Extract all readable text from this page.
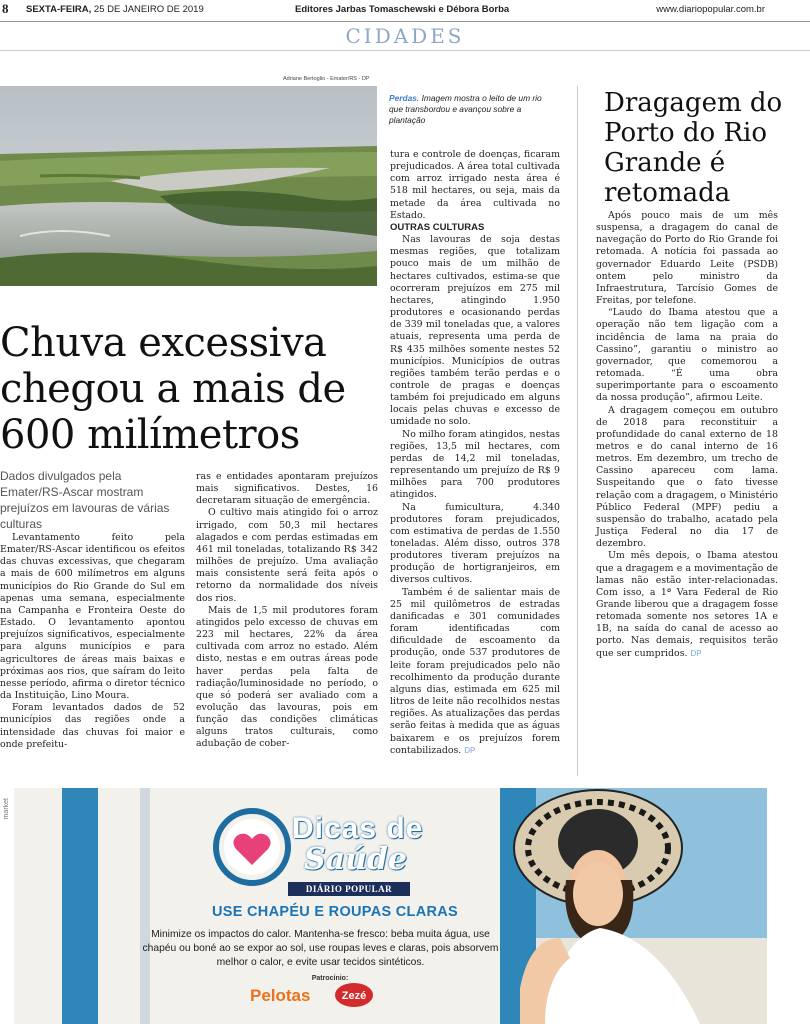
8 SEXTA-FEIRA, 25 DE JANEIRO DE 2019	Editores Jarbas Tomaschewski e Débora Borba	www.diariopopular.com.br
CIDADES
Adriane Bertoglio - Emater/RS - DP
Perdas. Imagem mostra o leito de um rio que transbordou e avançou sobre a plantação
Chuva excessiva chegou a mais de 600 milímetros
Dados divulgados pela Emater/RS-Ascar mostram prejuízos em lavouras de várias culturas

Levantamento feito pela Emater/RS-Ascar identificou os efeitos das chuvas excessivas, que chegaram a mais de 600 milímetros em alguns municípios do Rio Grande do Sul em apenas uma semana, especialmente na Campanha e Fronteira Oeste do Estado. O levantamento apontou prejuízos significativos, especialmente para alguns municípios e para agricultores de áreas mais baixas e próximas aos rios, que saíram do leito nesse período, afirma o diretor técnico da Instituição, Lino Moura.

Foram levantados dados de 52 municípios das regiões onde a intensidade das chuvas foi maior e onde prefeitu-

ras e entidades apontaram prejuízos mais significativos. Destes, 16 decretaram situação de emergência.

O cultivo mais atingido foi o arroz irrigado, com 50,3 mil hectares alagados e com perdas estimadas em 461 mil toneladas, totalizando R$ 342 milhões de prejuízo. Uma avaliação mais consistente será feita após o retorno da normalidade dos níveis dos rios.

Mais de 1,5 mil produtores foram atingidos pelo excesso de chuvas em 223 mil hectares, 22% da área cultivada com arroz no estado. Além disto, nestas e em outras áreas pode haver perdas pela falta de radiação/luminosidade no período, o que só poderá ser avaliado com a evolução das lavouras, pois em função das condições climáticas alguns tratos culturais, como adubação de cober-

tura e controle de doenças, ficaram prejudicados. A área total cultivada com arroz irrigado nesta área é 518 mil hectares, ou seja, mais da metade da área cultivada no Estado.

OUTRAS CULTURAS

Nas lavouras de soja destas mesmas regiões, que totalizam pouco mais de um milhão de hectares cultivados, estima-se que ocorreram prejuízos em 275 mil hectares, atingindo 1.950 produtores e ocasionando perdas de 339 mil toneladas que, a valores atuais, representa uma perda de R$ 435 milhões somente nestes 52 municípios. Municípios de outras regiões também terão perdas e o controle de pragas e doenças também foi prejudicado em alguns locais pelas chuvas e excesso de umidade no solo.

No milho foram atingidos, nestas regiões, 13,5 mil hectares, com perdas de 14,2 mil toneladas, representando um prejuízo de R$ 9 milhões para 700 produtores atingidos.

Na fumicultura, 4.340 produtores foram prejudicados, com estimativa de perdas de 1.550 toneladas. Além disso, outros 378 produtores tiveram prejuízos na produção de hortigranjeiros, em diversos cultivos.

Também é de salientar mais de 25 mil quilômetros de estradas danificadas e 301 comunidades foram identificadas com dificuldade de escoamento da produção, onde 537 produtores de leite foram prejudicados pelo não recolhimento da produção durante alguns dias, estimada em 625 mil litros de leite não recolhidos nestas regiões. As atualizações das perdas serão feitas à medida que as águas baixarem e os prejuízos forem contabilizados. DP

Dragagem do Porto do Rio Grande é retomada

Após pouco mais de um mês suspensa, a dragagem do canal de navegação do Porto do Rio Grande foi retomada. A notícia foi passada ao governador Eduardo Leite (PSDB) ontem pelo ministro da Infraestrutura, Tarcísio Gomes de Freitas, por telefone.

“Laudo do Ibama atestou que a operação não tem ligação com a incidência de lama na praia do Cassino”, garantiu o ministro ao governador, que comemorou a retomada. “É uma obra superimportante para o escoamento da nossa produção”, afirmou Leite.

A dragagem começou em outubro de 2018 para reconstituir a profundidade do canal externo de 18 metros e do canal interno de 16 metros. Em dezembro, um trecho de Cassino apareceu com lama. Suspeitando que o fato tivesse relação com a dragagem, o Ministério Público Federal (MPF) pediu a suspensão do trabalho, acatado pela Justiça Federal no dia 17 de dezembro.

Um mês depois, o Ibama atestou que a dragagem e a movimentação de lamas não estão inter-relacionadas. Com isso, a 1ª Vara Federal de Rio Grande liberou que a dragagem fosse retomada somente nos setores 1A e 1B, na saída do canal de acesso ao porto. Nas demais, requisitos terão que ser cumpridos. DP

market
Dicas de
Saúde
DIÁRIO POPULAR
USE CHAPÉU E ROUPAS CLARAS
Minimize os impactos do calor. Mantenha-se fresco: beba muita água, use chapéu ou boné ao se expor ao sol, use roupas leves e claras, pois absorvem melhor o calor, e evite usar tecidos sintéticos.
Patrocínio:
Pelotas	Zezé
